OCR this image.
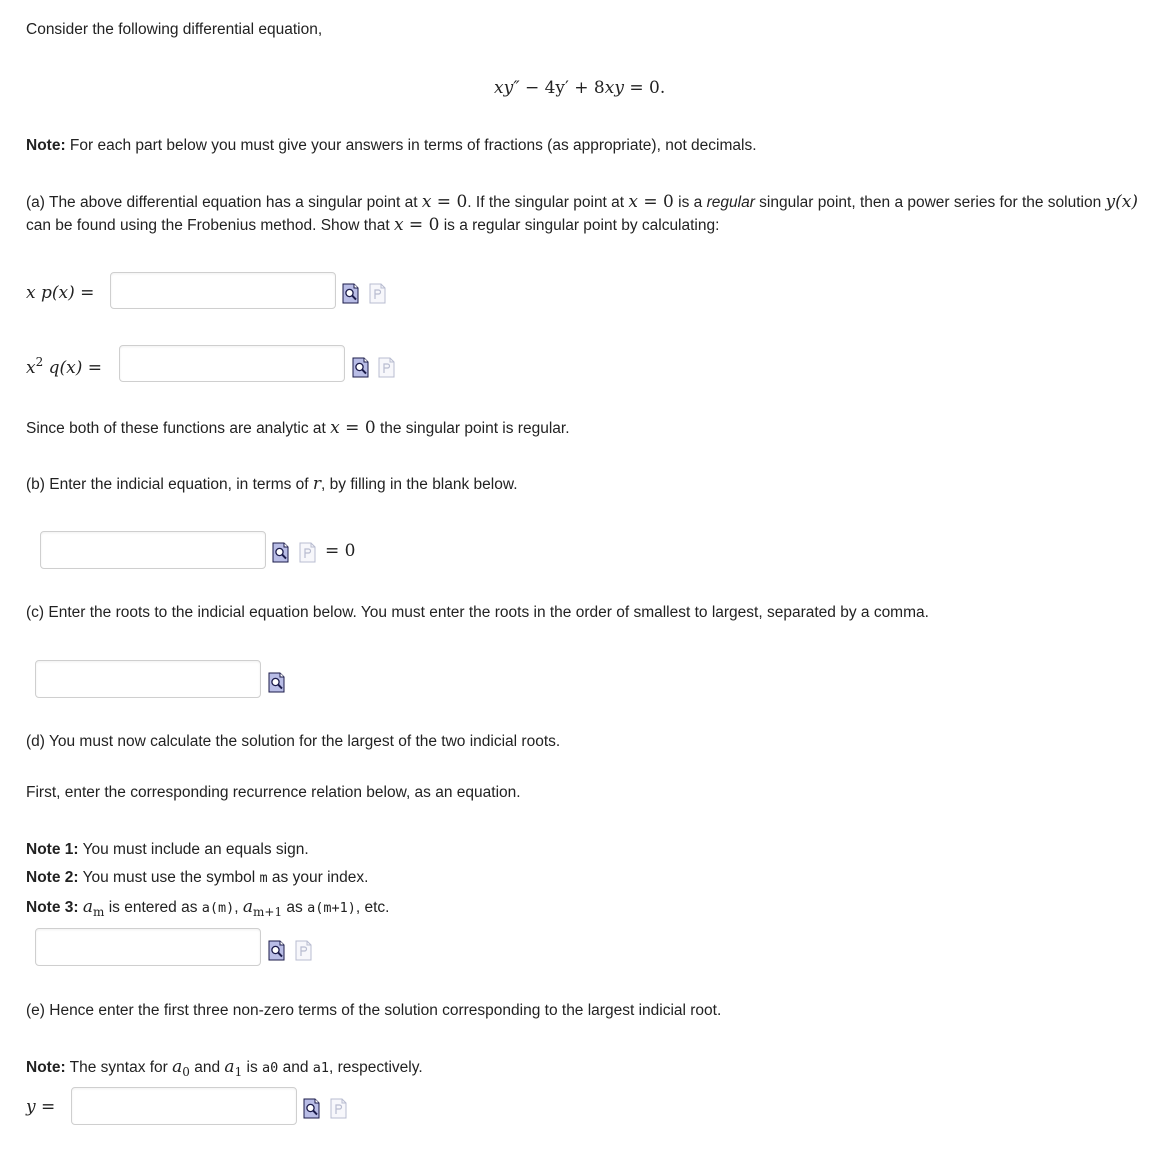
Consider the following differential equation,
xy″ − 4y′ + 8xy = 0.
Note: For each part below you must give your answers in terms of fractions (as appropriate), not decimals.
(a) The above differential equation has a singular point at x = 0. If the singular point at x = 0 is a regular singular point, then a power series for the solution y(x) can be found using the Frobenius method. Show that x = 0 is a regular singular point by calculating:
x p(x) =
$x^2$ q(x) =
Since both of these functions are analytic at x = 0 the singular point is regular.
(b) Enter the indicial equation, in terms of r, by filling in the blank below.
= 0
(c) Enter the roots to the indicial equation below. You must enter the roots in the order of smallest to largest, separated by a comma.
(d) You must now calculate the solution for the largest of the two indicial roots.
First, enter the corresponding recurrence relation below, as an equation.
Note 1: You must include an equals sign.
Note 2: You must use the symbol m as your index.
Note 3: $a_m$ is entered as a(m), $a_{m+1}$ as a(m+1), etc.
(e) Hence enter the first three non-zero terms of the solution corresponding to the largest indicial root.
Note: The syntax for $a_0$ and $a_1$ is a0 and a1, respectively.
y =
